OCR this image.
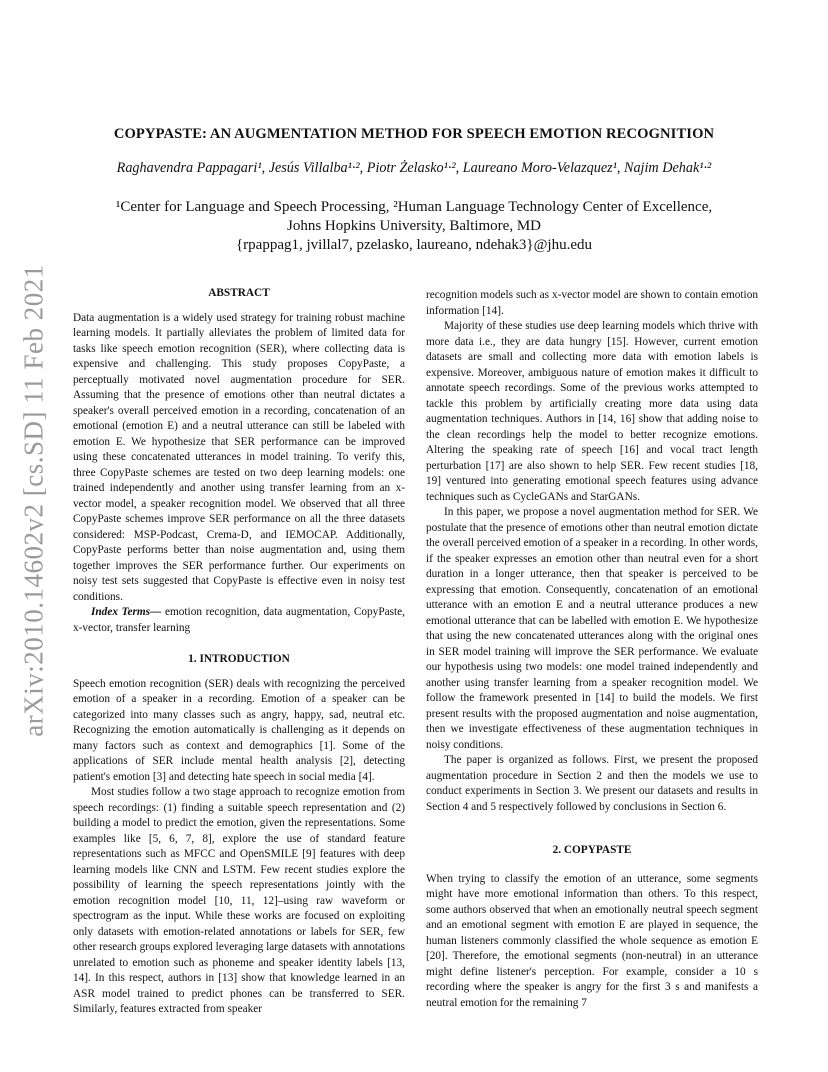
arXiv:2010.14602v2 [cs.SD] 11 Feb 2021
COPYPASTE: AN AUGMENTATION METHOD FOR SPEECH EMOTION RECOGNITION

Raghavendra Pappagari¹, Jesús Villalba¹·², Piotr Żelasko¹·², Laureano Moro-Velazquez¹, Najim Dehak¹·²

¹Center for Language and Speech Processing, ²Human Language Technology Center of Excellence,
Johns Hopkins University, Baltimore, MD
{rpappag1, jvillal7, pzelasko, laureano, ndehak3}@jhu.edu
ABSTRACT

Data augmentation is a widely used strategy for training robust machine learning models. It partially alleviates the problem of limited data for tasks like speech emotion recognition (SER), where collecting data is expensive and challenging. This study proposes CopyPaste, a perceptually motivated novel augmentation procedure for SER. Assuming that the presence of emotions other than neutral dictates a speaker's overall perceived emotion in a recording, concatenation of an emotional (emotion E) and a neutral utterance can still be labeled with emotion E. We hypothesize that SER performance can be improved using these concatenated utterances in model training. To verify this, three CopyPaste schemes are tested on two deep learning models: one trained independently and another using transfer learning from an x-vector model, a speaker recognition model. We observed that all three CopyPaste schemes improve SER performance on all the three datasets considered: MSP-Podcast, Crema-D, and IEMOCAP. Additionally, CopyPaste performs better than noise augmentation and, using them together improves the SER performance further. Our experiments on noisy test sets suggested that CopyPaste is effective even in noisy test conditions.

Index Terms— emotion recognition, data augmentation, CopyPaste, x-vector, transfer learning

1. INTRODUCTION

Speech emotion recognition (SER) deals with recognizing the perceived emotion of a speaker in a recording. Emotion of a speaker can be categorized into many classes such as angry, happy, sad, neutral etc. Recognizing the emotion automatically is challenging as it depends on many factors such as context and demographics [1]. Some of the applications of SER include mental health analysis [2], detecting patient's emotion [3] and detecting hate speech in social media [4].

Most studies follow a two stage approach to recognize emotion from speech recordings: (1) finding a suitable speech representation and (2) building a model to predict the emotion, given the representations. Some examples like [5, 6, 7, 8], explore the use of standard feature representations such as MFCC and OpenSMILE [9] features with deep learning models like CNN and LSTM. Few recent studies explore the possibility of learning the speech representations jointly with the emotion recognition model [10, 11, 12]–using raw waveform or spectrogram as the input. While these works are focused on exploiting only datasets with emotion-related annotations or labels for SER, few other research groups explored leveraging large datasets with annotations unrelated to emotion such as phoneme and speaker identity labels [13, 14]. In this respect, authors in [13] show that knowledge learned in an ASR model trained to predict phones can be transferred to SER. Similarly, features extracted from speaker

recognition models such as x-vector model are shown to contain emotion information [14].

Majority of these studies use deep learning models which thrive with more data i.e., they are data hungry [15]. However, current emotion datasets are small and collecting more data with emotion labels is expensive. Moreover, ambiguous nature of emotion makes it difficult to annotate speech recordings. Some of the previous works attempted to tackle this problem by artificially creating more data using data augmentation techniques. Authors in [14, 16] show that adding noise to the clean recordings help the model to better recognize emotions. Altering the speaking rate of speech [16] and vocal tract length perturbation [17] are also shown to help SER. Few recent studies [18, 19] ventured into generating emotional speech features using advance techniques such as CycleGANs and StarGANs.

In this paper, we propose a novel augmentation method for SER. We postulate that the presence of emotions other than neutral emotion dictate the overall perceived emotion of a speaker in a recording. In other words, if the speaker expresses an emotion other than neutral even for a short duration in a longer utterance, then that speaker is perceived to be expressing that emotion. Consequently, concatenation of an emotional utterance with an emotion E and a neutral utterance produces a new emotional utterance that can be labelled with emotion E. We hypothesize that using the new concatenated utterances along with the original ones in SER model training will improve the SER performance. We evaluate our hypothesis using two models: one model trained independently and another using transfer learning from a speaker recognition model. We follow the framework presented in [14] to build the models. We first present results with the proposed augmentation and noise augmentation, then we investigate effectiveness of these augmentation techniques in noisy conditions.

The paper is organized as follows. First, we present the proposed augmentation procedure in Section 2 and then the models we use to conduct experiments in Section 3. We present our datasets and results in Section 4 and 5 respectively followed by conclusions in Section 6.

2. COPYPASTE

When trying to classify the emotion of an utterance, some segments might have more emotional information than others. To this respect, some authors observed that when an emotionally neutral speech segment and an emotional segment with emotion E are played in sequence, the human listeners commonly classified the whole sequence as emotion E [20]. Therefore, the emotional segments (non-neutral) in an utterance might define listener's perception. For example, consider a 10 s recording where the speaker is angry for the first 3 s and manifests a neutral emotion for the remaining 7
